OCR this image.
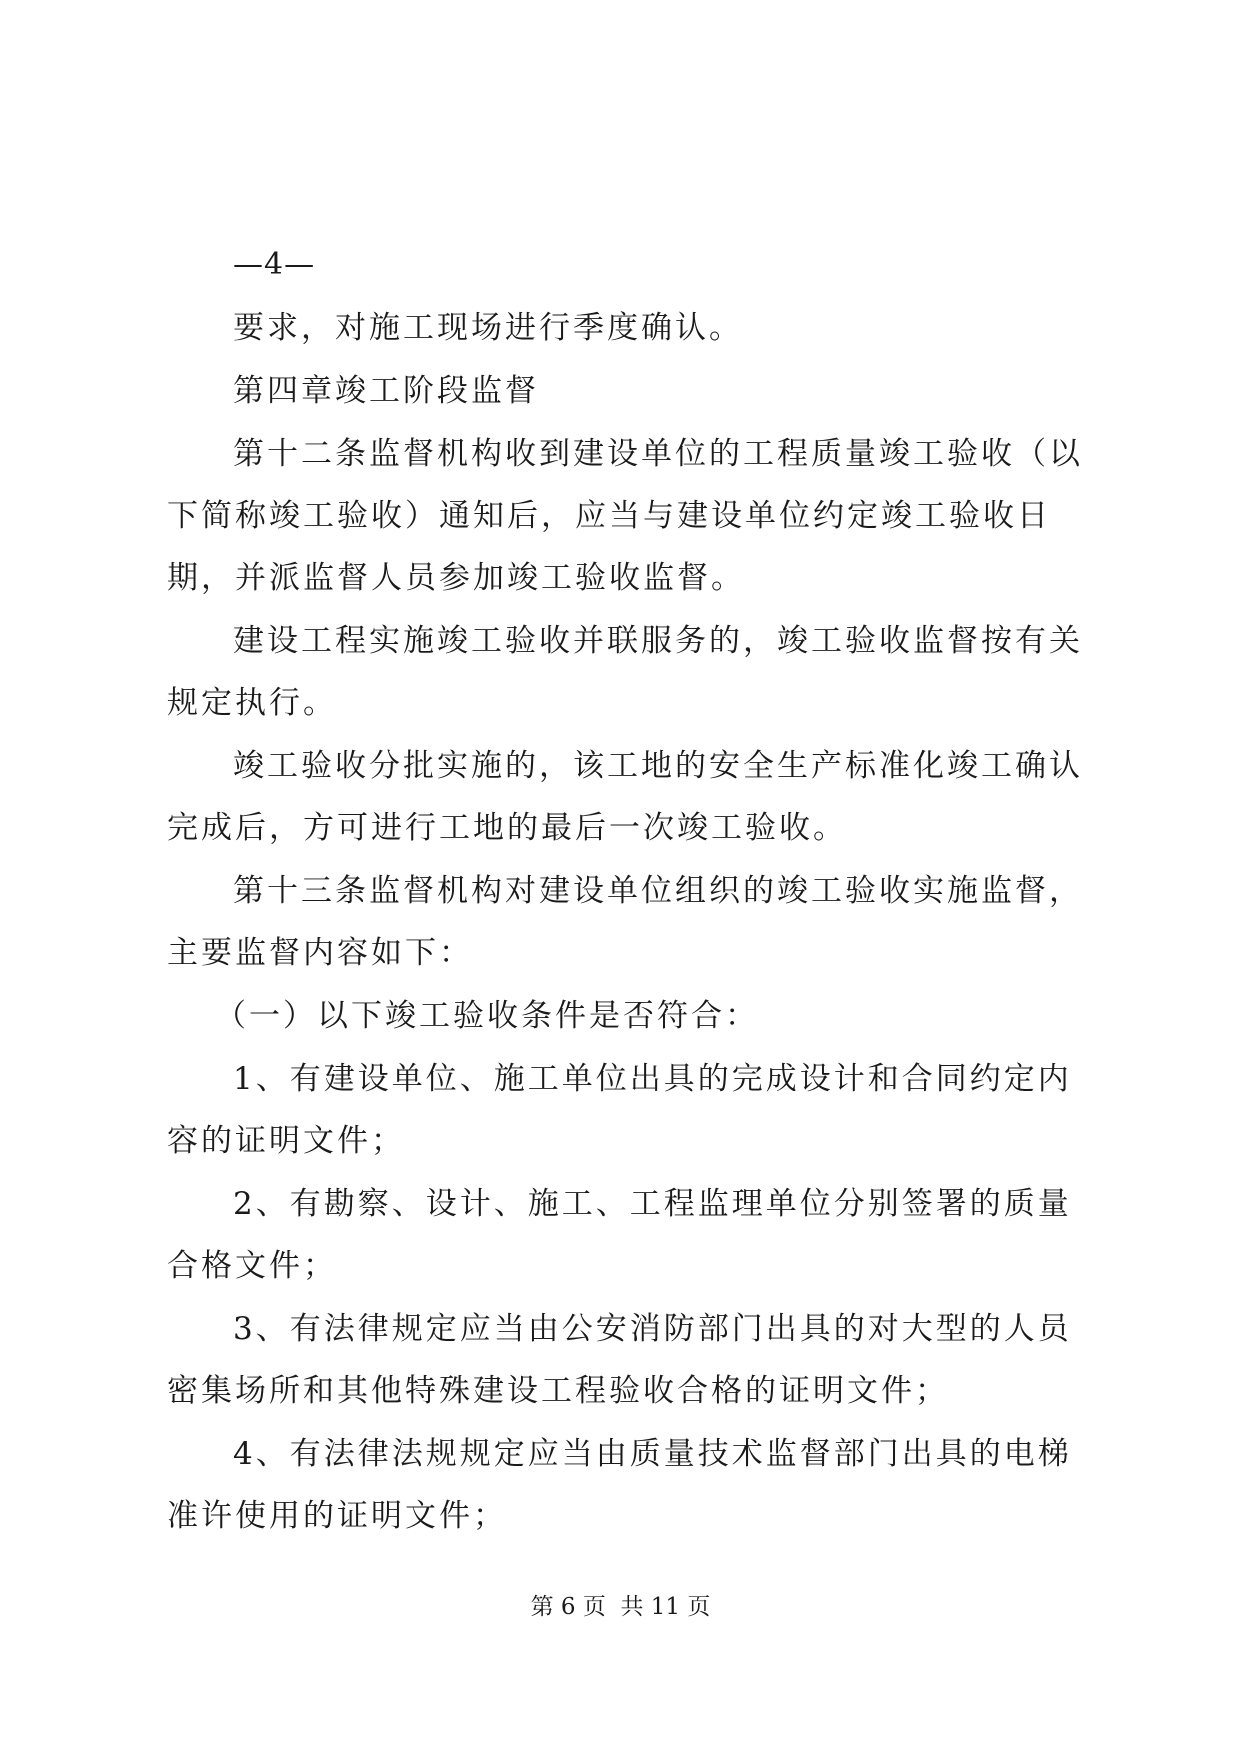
—4—

要求，对施工现场进行季度确认。

第四章竣工阶段监督

第十二条监督机构收到建设单位的工程质量竣工验收（以下简称竣工验收）通知后，应当与建设单位约定竣工验收日期，并派监督人员参加竣工验收监督。

建设工程实施竣工验收并联服务的，竣工验收监督按有关规定执行。

竣工验收分批实施的，该工地的安全生产标准化竣工确认完成后，方可进行工地的最后一次竣工验收。

第十三条监督机构对建设单位组织的竣工验收实施监督，主要监督内容如下：

（一）以下竣工验收条件是否符合：

1、有建设单位、施工单位出具的完成设计和合同约定内容的证明文件；

2、有勘察、设计、施工、工程监理单位分别签署的质量合格文件；

3、有法律规定应当由公安消防部门出具的对大型的人员密集场所和其他特殊建设工程验收合格的证明文件；

4、有法律法规规定应当由质量技术监督部门出具的电梯准许使用的证明文件；

第 6 页  共 11 页
